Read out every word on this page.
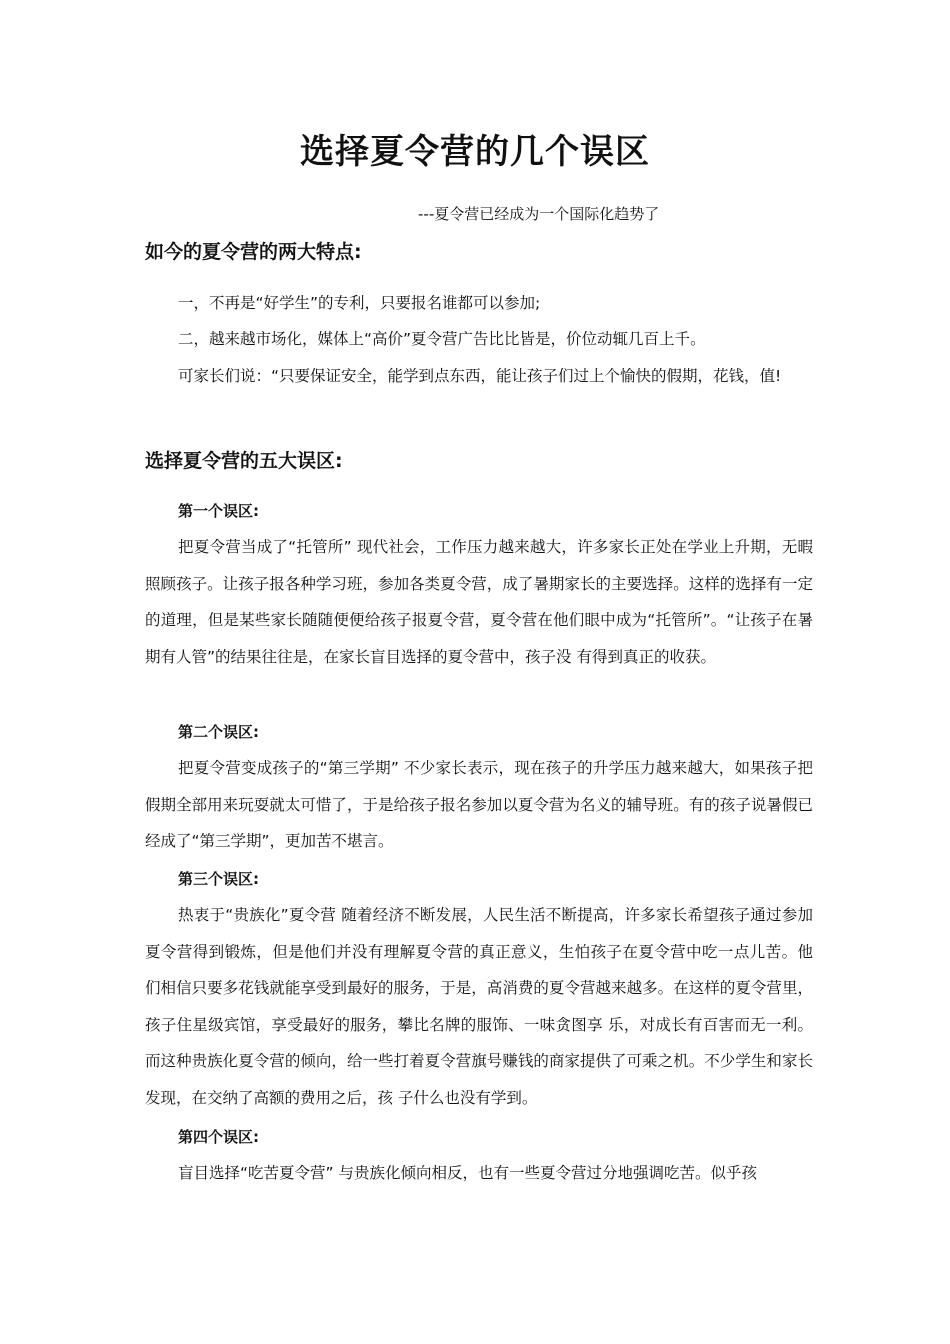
选择夏令营的几个误区
---夏令营已经成为一个国际化趋势了
如今的夏令营的两大特点:
一，不再是“好学生”的专利，只要报名谁都可以参加;
二，越来越市场化，媒体上“高价”夏令营广告比比皆是，价位动辄几百上千。
可家长们说：“只要保证安全，能学到点东西，能让孩子们过上个愉快的假期，花钱，值!
选择夏令营的五大误区:
第一个误区:

把夏令营当成了“托管所” 现代社会，工作压力越来越大，许多家长正处在学业上升期，无暇照顾孩子。让孩子报各种学习班，参加各类夏令营，成了暑期家长的主要选择。这样的选择有一定 的道理，但是某些家长随随便便给孩子报夏令营，夏令营在他们眼中成为“托管所”。“让孩子在暑期有人管”的结果往往是，在家长盲目选择的夏令营中，孩子没 有得到真正的收获。

第二个误区:

把夏令营变成孩子的“第三学期” 不少家长表示，现在孩子的升学压力越来越大，如果孩子把假期全部用来玩耍就太可惜了，于是给孩子报名参加以夏令营为名义的辅导班。有的孩子说暑假已经成了“第三学期”，更加苦不堪言。

第三个误区:

热衷于“贵族化”夏令营 随着经济不断发展，人民生活不断提高，许多家长希望孩子通过参加夏令营得到锻炼，但是他们并没有理解夏令营的真正意义，生怕孩子在夏令营中吃一点儿苦。他 们相信只要多花钱就能享受到最好的服务，于是，高消费的夏令营越来越多。在这样的夏令营里，孩子住星级宾馆，享受最好的服务，攀比名牌的服饰、一味贪图享 乐，对成长有百害而无一利。而这种贵族化夏令营的倾向，给一些打着夏令营旗号赚钱的商家提供了可乘之机。不少学生和家长发现，在交纳了高额的费用之后，孩 子什么也没有学到。

第四个误区:

盲目选择“吃苦夏令营” 与贵族化倾向相反，也有一些夏令营过分地强调吃苦。似乎孩
